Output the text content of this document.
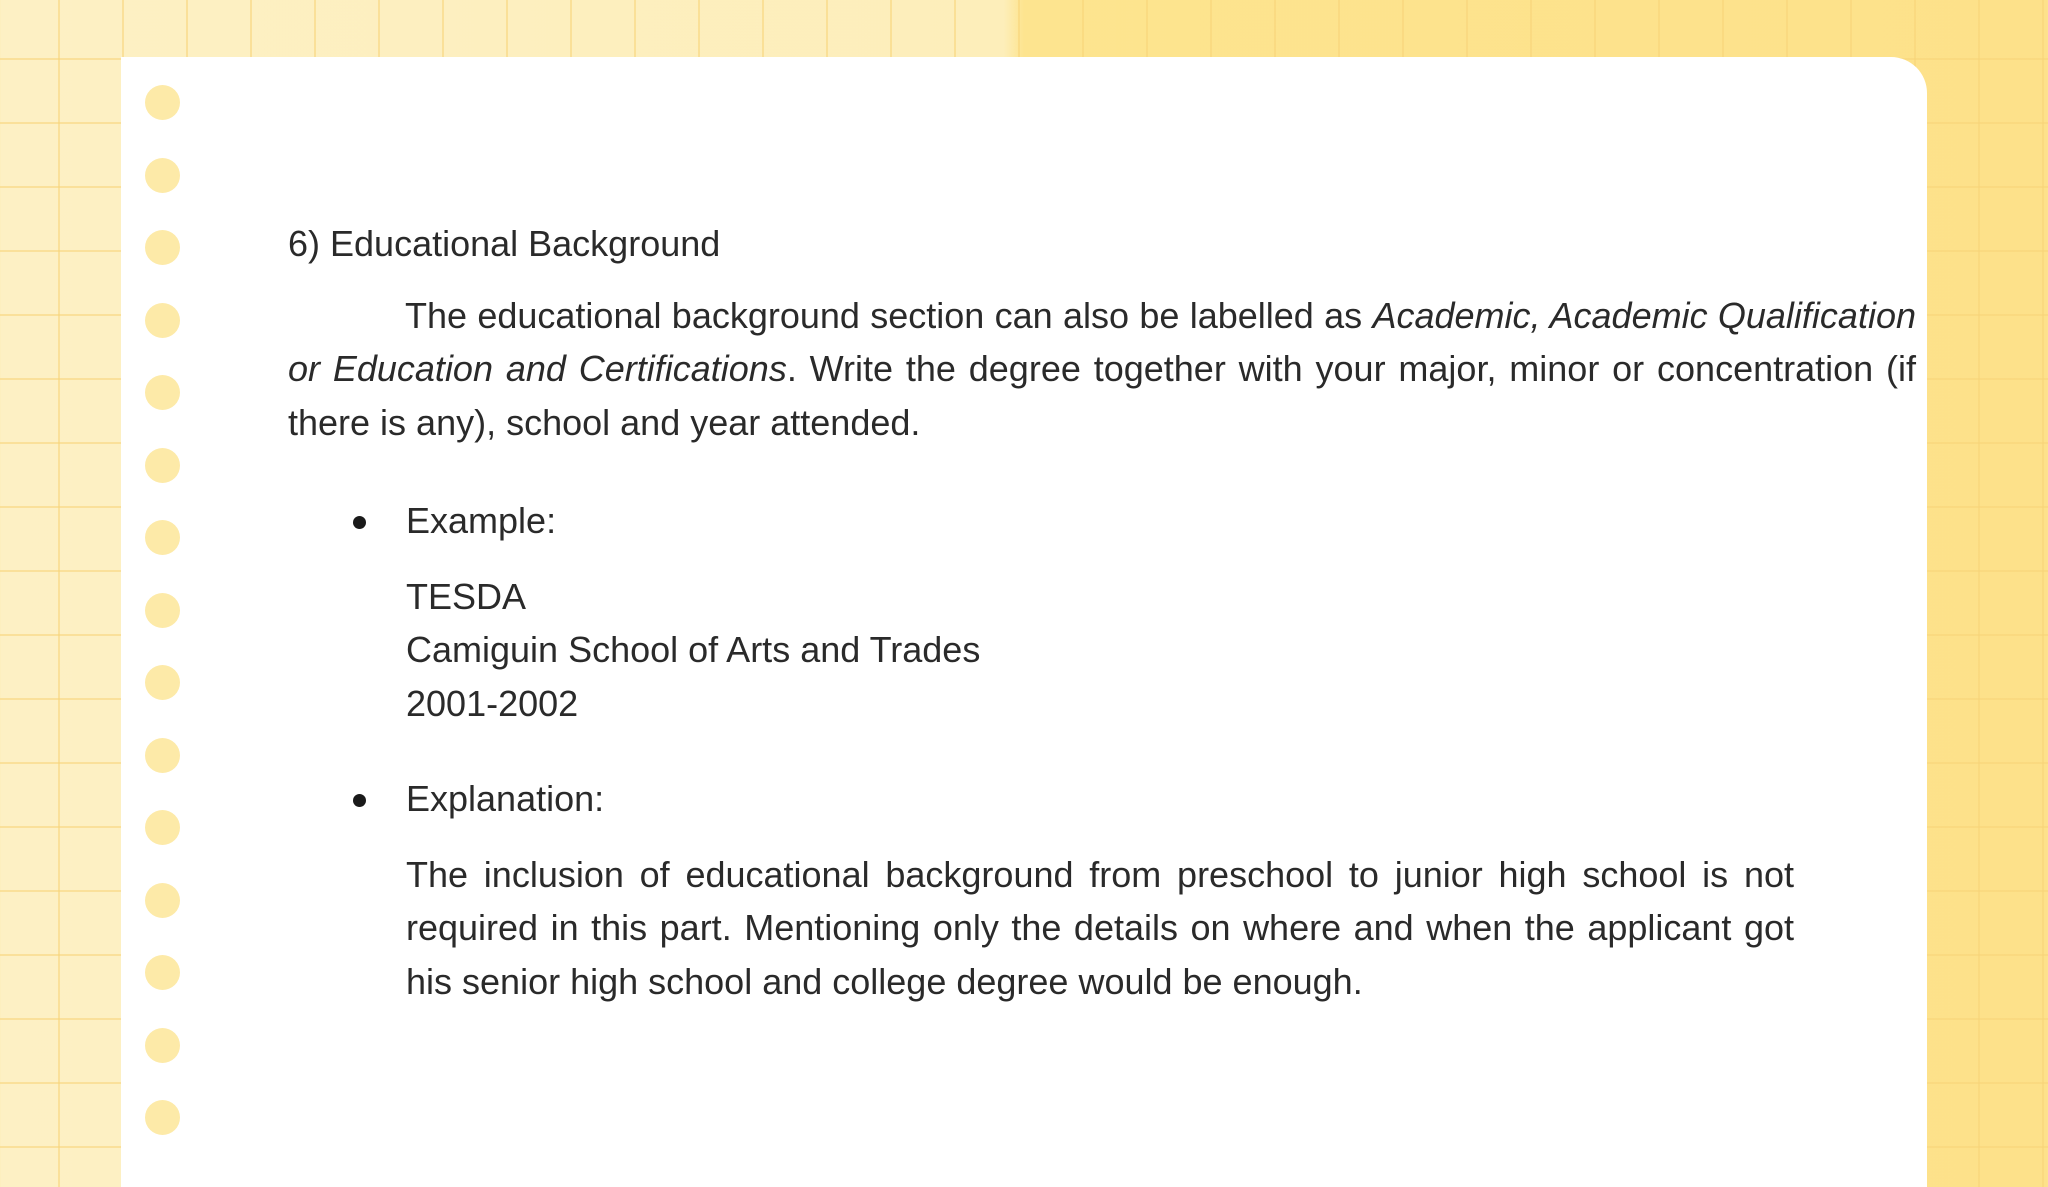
6) Educational Background

The educational background section can also be labelled as Academic, Academic Qualification or Education and Certifications. Write the degree together with your major, minor or concentration (if there is any), school and year attended.

Example:
TESDA
Camiguin School of Arts and Trades
2001-2002
Explanation:
The inclusion of educational background from preschool to junior high school is not required in this part. Mentioning only the details on where and when the applicant got his senior high school and college degree would be enough.
